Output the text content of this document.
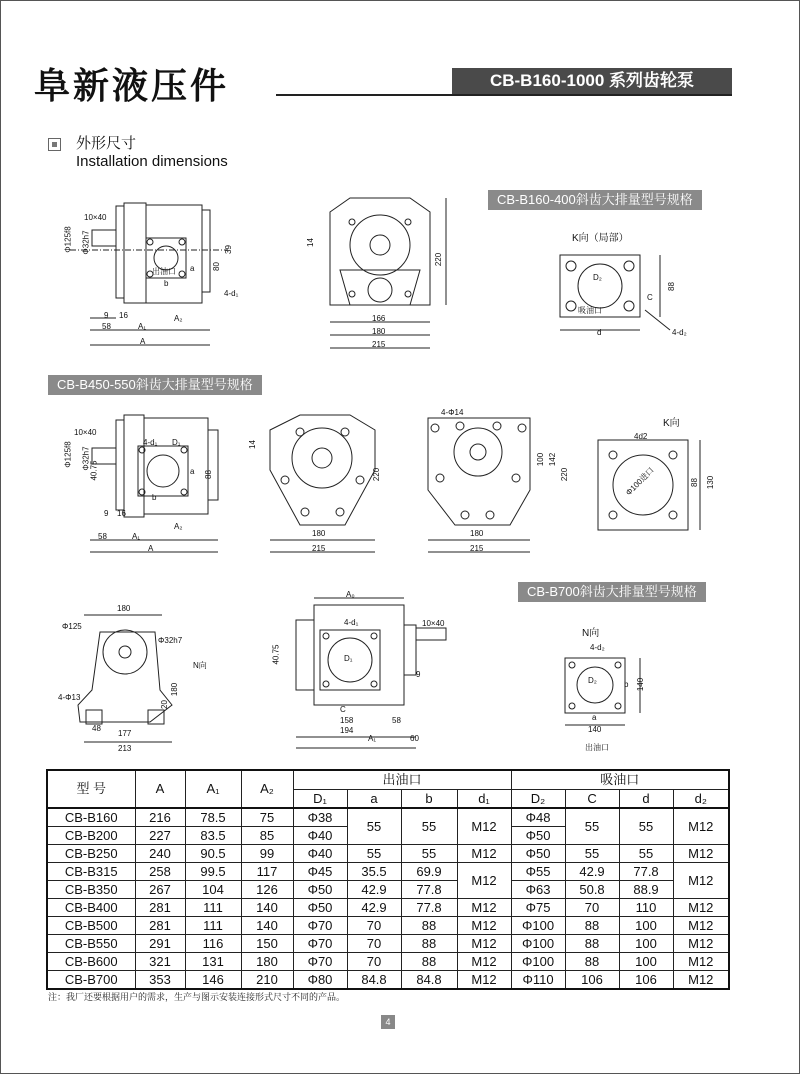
阜新液压件	CB-B160-1000 系列齿轮泵
外形尺寸
Installation dimensions
CB-B160-400斜齿大排量型号规格
CB-B450-550斜齿大排量型号规格
CB-B700斜齿大排量型号规格
10×40
Φ125f8 Φ32h7
出油口
b
4-d₁
39
80
9 16
58	A₁
A₂
A
a
14
220
166
180
215
K向（局部）
D₂
88
C
吸油口
d	4-d₂
10×40
Φ125f8 Φ32h7
40.75
4-d₁ D₁
a 88
b
9 16
58	A₁
A₂
A
14
220
180
215
4-Φ14
100 142
220
180
215
K向
4d2
Φ100进口	88 130
180
Φ125
Φ32h7
N向
180
20
4-Φ13
48
177
213
A₀
4-d₁
D₁
10×40
40.75
9
C
158
194
58
A₁	60
N向
4-d₂
D₂	b 140
a
140
出油口
型 号	A	A₁	A₂	出油口				吸油口			
				D₁	a	b	d₁	D₂	C	d	d₂
CB-B160	216	78.5	75	Φ38	55	55	M12	Φ48	55	55	M12
CB-B200	227	83.5	85	Φ40				Φ50			
CB-B250	240	90.5	99	Φ40	55	55	M12	Φ50	55	55	M12
CB-B315	258	99.5	117	Φ45	35.5	69.9	M12	Φ55	42.9	77.8	M12
CB-B350	267	104	126	Φ50	42.9	77.8		Φ63	50.8	88.9	
CB-B400	281	111	140	Φ50	42.9	77.8	M12	Φ75	70	110	M12
CB-B500	281	111	140	Φ70	70	88	M12	Φ100	88	100	M12
CB-B550	291	116	150	Φ70	70	88	M12	Φ100	88	100	M12
CB-B600	321	131	180	Φ70	70	88	M12	Φ100	88	100	M12
CB-B700	353	146	210	Φ80	84.8	84.8	M12	Φ110	106	106	M12
注：我厂还要根据用户的需求，生产与图示安装连接形式尺寸不同的产品。
4
